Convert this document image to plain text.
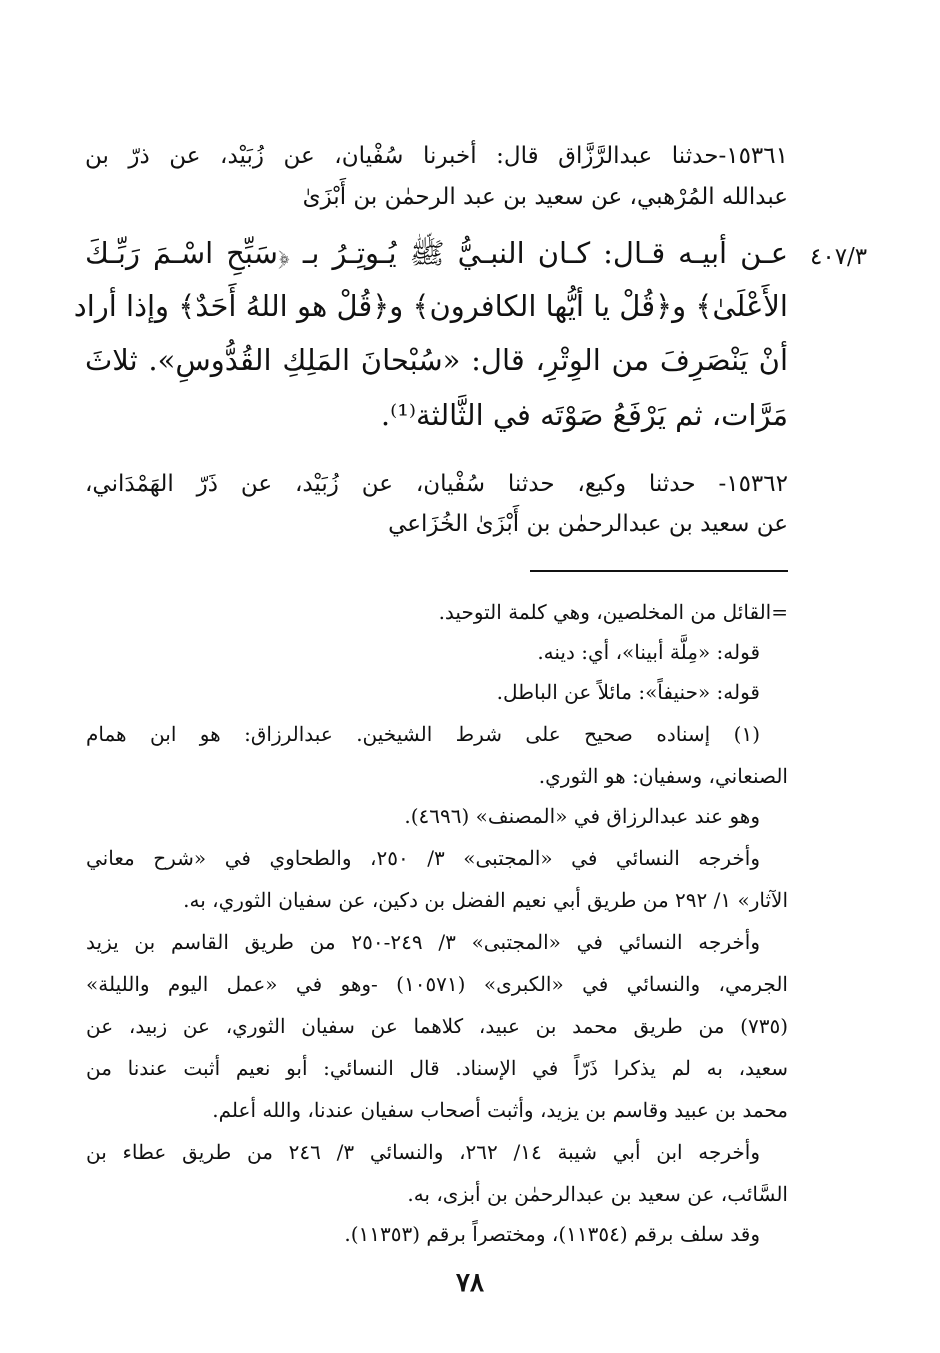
١٥٣٦١-حدثنا عبدالرَّزَّاق قال: أخبرنا سُفْيان، عن زُبَيْد، عن ذرّ بن
عبدالله المُرْهبي، عن سعيد بن عبد الرحمٰن بن أَبْزَىٰ
٤٠٧/٣
عـن أبيـه قـال: كـان النبـيُّ ﷺ يُـوتِـرُ بـ ﴿سَبِّحِ اسْـمَ رَبِّـكَ
الأَعْلَىٰ﴾ و﴿قُلْ يا أيُّها الكافرون﴾ و﴿قُلْ هو اللهُ أَحَدٌ﴾ وإذا أراد
أنْ يَنْصَرِفَ من الوِتْرِ، قال: «سُبْحانَ المَلِكِ القُدُّوسِ». ثلاثَ
مَرَّات، ثم يَرْفَعُ صَوْتَه في الثَّالثة⁽¹⁾.
١٥٣٦٢- حدثنا وكيع، حدثنا سُفْيان، عن زُبَيْد، عن ذَرّ الهَمْدَاني،
عن سعيد بن عبدالرحمٰن بن أَبْزَىٰ الخُزَاعي
=القائل من المخلصين، وهي كلمة التوحيد.
قوله: «مِلَّة أبينا»، أي: دينه.
قوله: «حنيفاً»: مائلاً عن الباطل.
(١) إسناده صحيح على شرط الشيخين. عبدالرزاق: هو ابن همام
الصنعاني، وسفيان: هو الثوري.
وهو عند عبدالرزاق في «المصنف» (٤٦٩٦).
وأخرجه النسائي في «المجتبى» ٣/ ٢٥٠، والطحاوي في «شرح معاني
الآثار» ١/ ٢٩٢ من طريق أبي نعيم الفضل بن دكين، عن سفيان الثوري، به.
وأخرجه النسائي في «المجتبى» ٣/ ٢٤٩-٢٥٠ من طريق القاسم بن يزيد
الجرمي، والنسائي في «الكبرى» (١٠٥٧١) -وهو في «عمل اليوم والليلة»
(٧٣٥) من طريق محمد بن عبيد، كلاهما عن سفيان الثوري، عن زبيد، عن
سعيد، به لم يذكرا ذَرّاً في الإسناد. قال النسائي: أبو نعيم أثبت عندنا من
محمد بن عبيد وقاسم بن يزيد، وأثبت أصحاب سفيان عندنا، والله أعلم.
وأخرجه ابن أبي شيبة ١٤/ ٢٦٢، والنسائي ٣/ ٢٤٦ من طريق عطاء بن
السَّائب، عن سعيد بن عبدالرحمٰن بن أبزى، به.
وقد سلف برقم (١١٣٥٤)، ومختصراً برقم (١١٣٥٣).
٧٨
